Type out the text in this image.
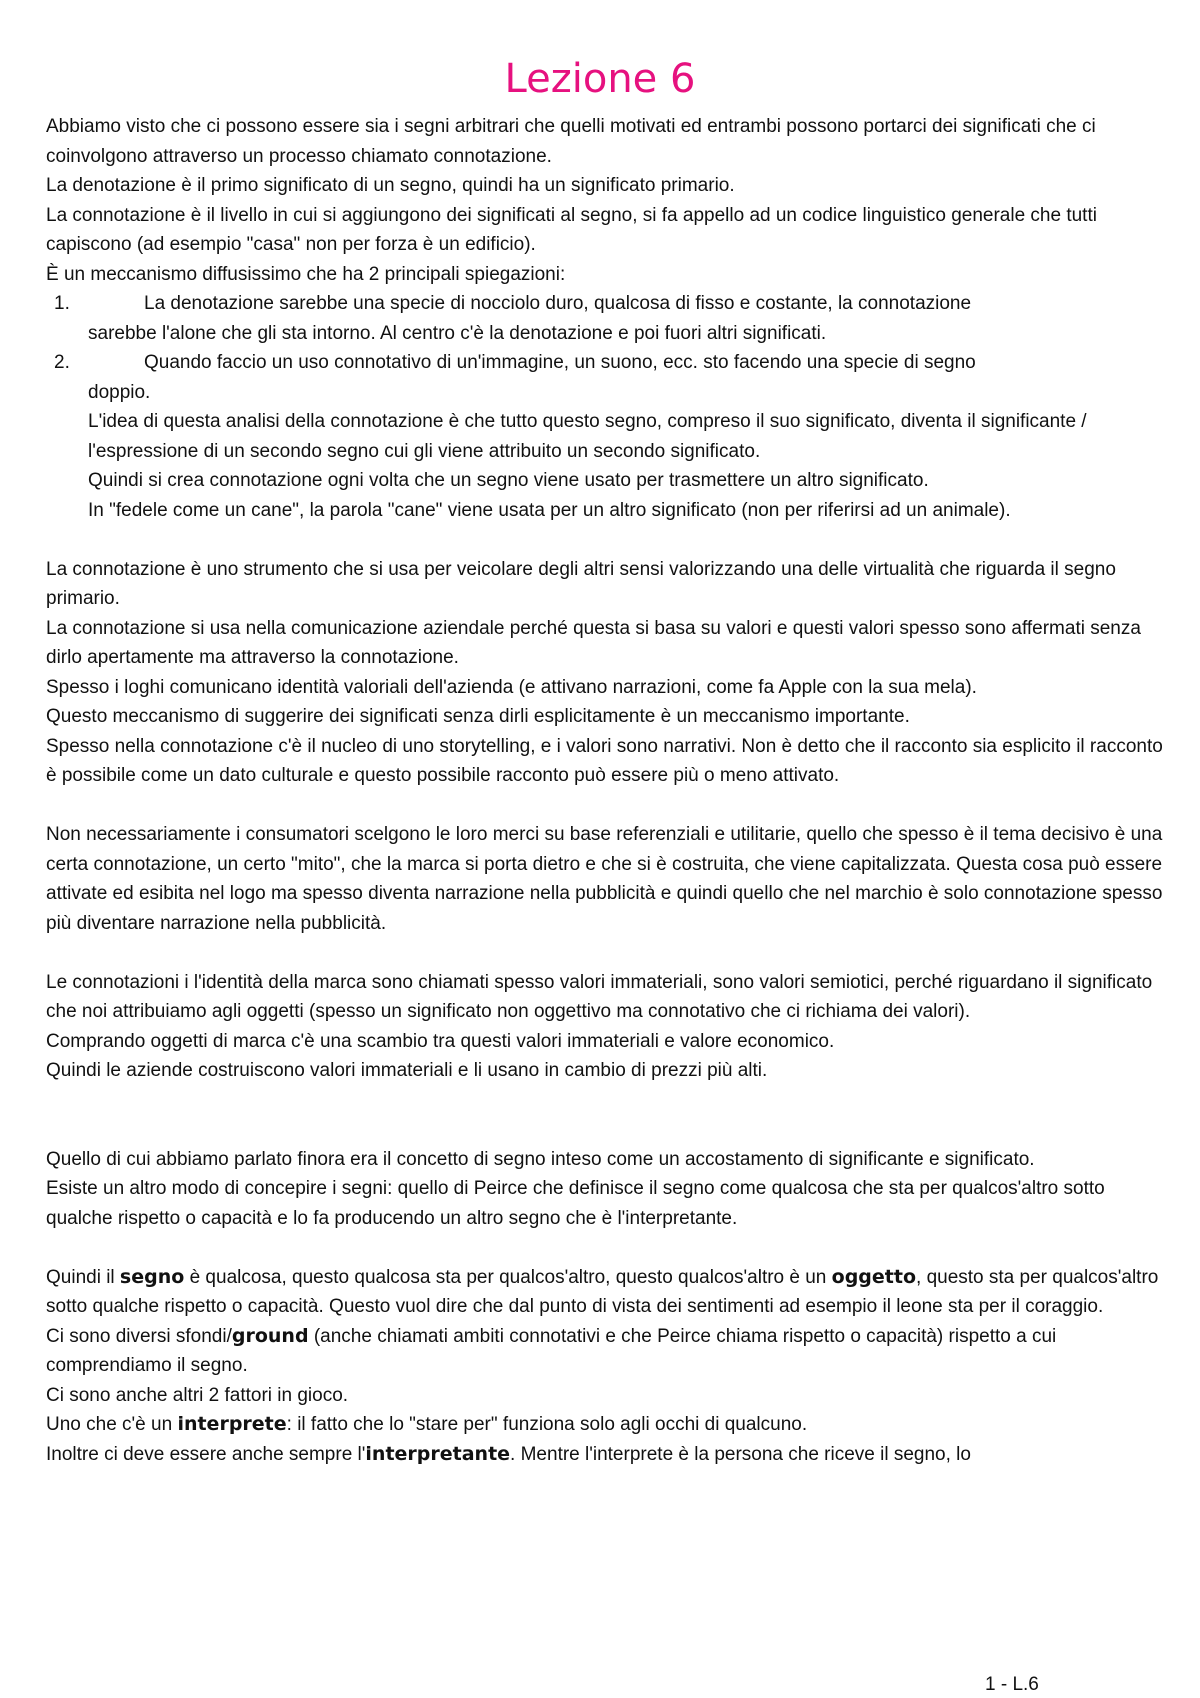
Lezione 6

Abbiamo visto che ci possono essere sia i segni arbitrari che quelli motivati ed entrambi possono portarci dei significati che ci coinvolgono attraverso un processo chiamato connotazione.

La denotazione è il primo significato di un segno, quindi ha un significato primario.

La connotazione è il livello in cui si aggiungono dei significati al segno, si fa appello ad un codice linguistico generale che tutti capiscono (ad esempio "casa" non per forza è un edificio).

È un meccanismo diffusissimo che ha 2 principali spiegazioni:

1.	La denotazione sarebbe una specie di nocciolo duro, qualcosa di fisso e costante, la connotazione
sarebbe l'alone che gli sta intorno. Al centro c'è la denotazione e poi fuori altri significati.
2.	Quando faccio un uso connotativo di un'immagine, un suono, ecc. sto facendo una specie di segno
doppio.

L'idea di questa analisi della connotazione è che tutto questo segno, compreso il suo significato, diventa il significante / l'espressione di un secondo segno cui gli viene attribuito un secondo significato.

Quindi si crea connotazione ogni volta che un segno viene usato per trasmettere un altro significato.

In "fedele come un cane", la parola "cane" viene usata per un altro significato (non per riferirsi ad un animale).

La connotazione è uno strumento che si usa per veicolare degli altri sensi valorizzando una delle virtualità che riguarda il segno primario.

La connotazione si usa nella comunicazione aziendale perché questa si basa su valori e questi valori spesso sono affermati senza dirlo apertamente ma attraverso la connotazione.

Spesso i loghi comunicano identità valoriali dell'azienda (e attivano narrazioni, come fa Apple con la sua mela).

Questo meccanismo di suggerire dei significati senza dirli esplicitamente è un meccanismo importante.

Spesso nella connotazione c'è il nucleo di uno storytelling, e i valori sono narrativi. Non è detto che il racconto sia esplicito il racconto è possibile come un dato culturale e questo possibile racconto può essere più o meno attivato.

Non necessariamente i consumatori scelgono le loro merci su base referenziali e utilitarie, quello che spesso è il tema decisivo è una certa connotazione, un certo "mito", che la marca si porta dietro e che si è costruita, che viene capitalizzata. Questa cosa può essere attivate ed esibita nel logo ma spesso diventa narrazione nella pubblicità e quindi quello che nel marchio è solo connotazione spesso più diventare narrazione nella pubblicità.

Le connotazioni i l'identità della marca sono chiamati spesso valori immateriali, sono valori semiotici, perché riguardano il significato che noi attribuiamo agli oggetti (spesso un significato non oggettivo ma connotativo che ci richiama dei valori).

Comprando oggetti di marca c'è una scambio tra questi valori immateriali e valore economico.

Quindi le aziende costruiscono valori immateriali e li usano in cambio di prezzi più alti.

Quello di cui abbiamo parlato finora era il concetto di segno inteso come un accostamento di significante e significato.

Esiste un altro modo di concepire i segni: quello di Peirce che definisce il segno come qualcosa che sta per qualcos'altro sotto qualche rispetto o capacità e lo fa producendo un altro segno che è l'interpretante.

Quindi il segno è qualcosa, questo qualcosa sta per qualcos'altro, questo qualcos'altro è un oggetto, questo sta per qualcos'altro sotto qualche rispetto o capacità. Questo vuol dire che dal punto di vista dei sentimenti ad esempio il leone sta per il coraggio.

Ci sono diversi sfondi/ground (anche chiamati ambiti connotativi e che Peirce chiama rispetto o capacità) rispetto a cui comprendiamo il segno.

Ci sono anche altri 2 fattori in gioco.

Uno che c'è un interprete: il fatto che lo "stare per" funziona solo agli occhi di qualcuno.

Inoltre ci deve essere anche sempre l'interpretante. Mentre l'interprete è la persona che riceve il segno, lo

1 - L.6
